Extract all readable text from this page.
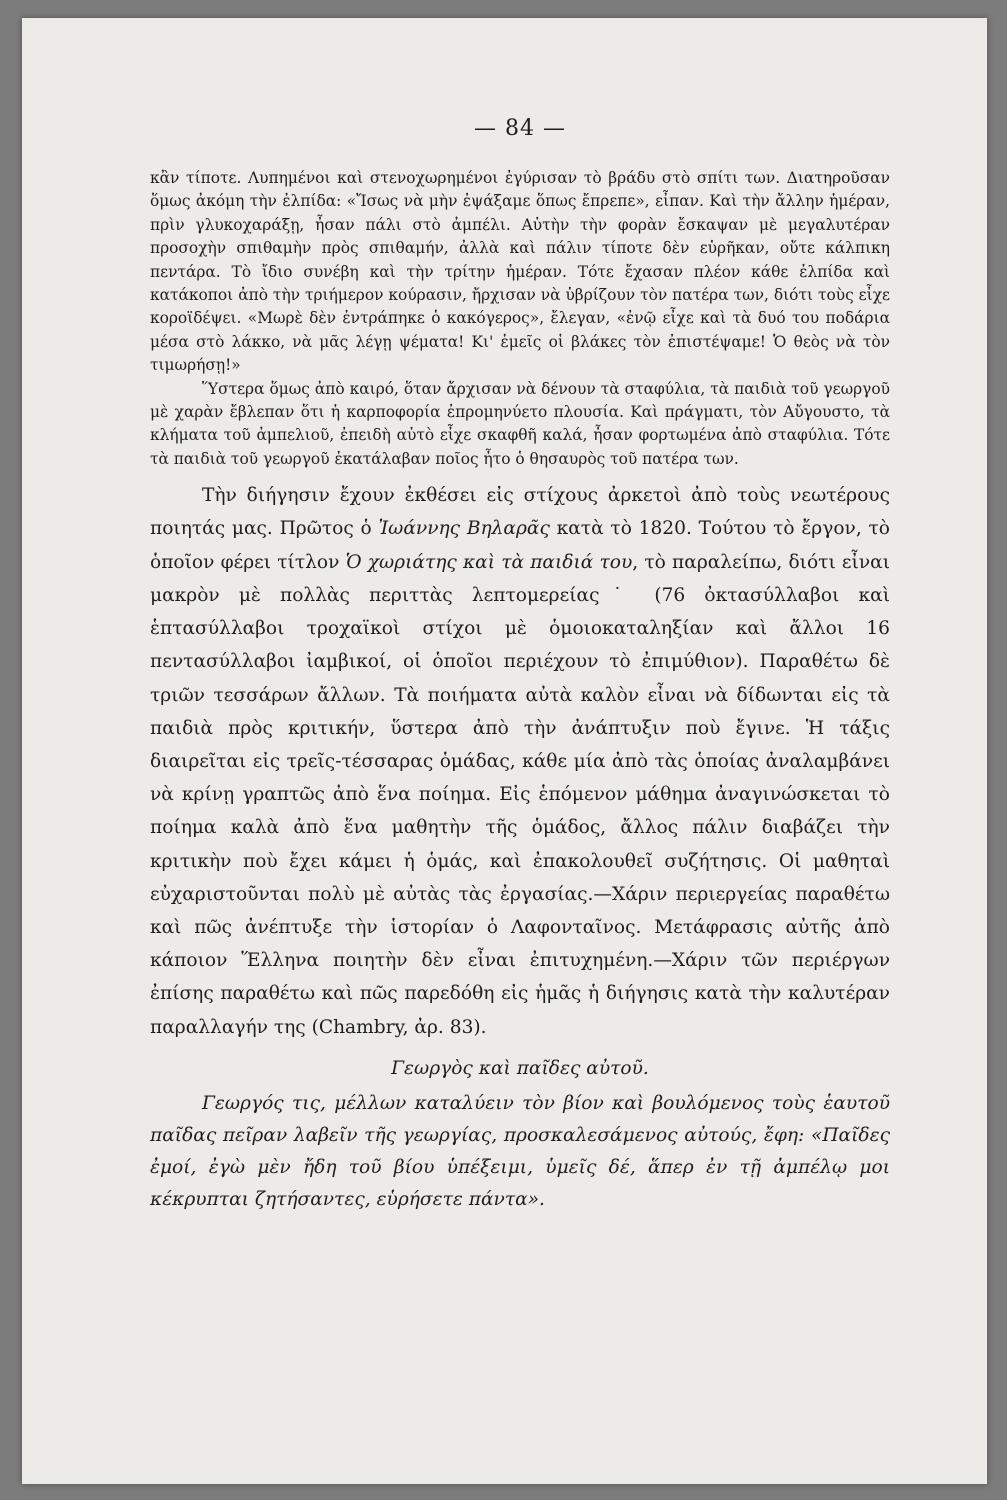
— 84 —

κἂν τίποτε. Λυπημένοι καὶ στενοχωρημένοι ἐγύρισαν τὸ βράδυ στὸ σπίτι των. Διατηροῦσαν ὅμως ἀκόμη τὴν ἐλπίδα: «Ἴσως νὰ μὴν ἐψάξαμε ὅπως ἔπρεπε», εἶπαν. Καὶ τὴν ἄλλην ἡμέραν, πρὶν γλυκοχαράξῃ, ἦσαν πάλι στὸ ἀμπέλι. Αὐτὴν τὴν φορὰν ἔσκαψαν μὲ μεγαλυτέραν προσοχὴν σπιθαμὴν πρὸς σπιθαμήν, ἀλλὰ καὶ πάλιν τίποτε δὲν εὑρῆκαν, οὔτε κάλπικη πεντάρα. Τὸ ἴδιο συνέβη καὶ τὴν τρίτην ἡμέραν. Τότε ἔχασαν πλέον κάθε ἐλπίδα καὶ κατάκοποι ἀπὸ τὴν τριήμερον κούρασιν, ἤρχισαν νὰ ὑβρίζουν τὸν πατέρα των, διότι τοὺς εἶχε κοροϊδέψει. «Μωρὲ δὲν ἐντράπηκε ὁ κακόγερος», ἔλεγαν, «ἐνῷ εἶχε καὶ τὰ δυό του ποδάρια μέσα στὸ λάκκο, νὰ μᾶς λέγῃ ψέματα! Κι' ἐμεῖς οἱ βλάκες τὸν ἐπιστέψαμε! Ὁ θεὸς νὰ τὸν τιμωρήσῃ!»

Ὕστερα ὅμως ἀπὸ καιρό, ὅταν ἄρχισαν νὰ δένουν τὰ σταφύλια, τὰ παιδιὰ τοῦ γεωργοῦ μὲ χαρὰν ἔβλεπαν ὅτι ἡ καρποφορία ἐπρομηνύετο πλουσία. Καὶ πράγματι, τὸν Αὔγουστο, τὰ κλήματα τοῦ ἀμπελιοῦ, ἐπειδὴ αὐτὸ εἶχε σκαφθῆ καλά, ἦσαν φορτωμένα ἀπὸ σταφύλια. Τότε τὰ παιδιὰ τοῦ γεωργοῦ ἐκατάλαβαν ποῖος ἦτο ὁ θησαυρὸς τοῦ πατέρα των.

Τὴν διήγησιν ἔχουν ἐκθέσει εἰς στίχους ἀρκετοὶ ἀπὸ τοὺς νεωτέρους ποιητάς μας. Πρῶτος ὁ Ἰωάννης Βηλαρᾶς κατὰ τὸ 1820. Τούτου τὸ ἔργον, τὸ ὁποῖον φέρει τίτλον Ὁ χωριάτης καὶ τὰ παιδιά του, τὸ παραλείπω, διότι εἶναι μακρὸν μὲ πολλὰς περιττὰς λεπτομερείας˙ (76 ὀκτασύλλαβοι καὶ ἑπτασύλλαβοι τροχαϊκοὶ στίχοι μὲ ὁμοιοκαταληξίαν καὶ ἄλλοι 16 πεντασύλλαβοι ἰαμβικοί, οἱ ὁποῖοι περιέχουν τὸ ἐπιμύθιον). Παραθέτω δὲ τριῶν τεσσάρων ἄλλων. Τὰ ποιήματα αὐτὰ καλὸν εἶναι νὰ δίδωνται εἰς τὰ παιδιὰ πρὸς κριτικήν, ὕστερα ἀπὸ τὴν ἀνάπτυξιν ποὺ ἔγινε. Ἡ τάξις διαιρεῖται εἰς τρεῖς-τέσσαρας ὁμάδας, κάθε μία ἀπὸ τὰς ὁποίας ἀναλαμβάνει νὰ κρίνῃ γραπτῶς ἀπὸ ἕνα ποίημα. Εἰς ἑπόμενον μάθημα ἀναγινώσκεται τὸ ποίημα καλὰ ἀπὸ ἕνα μαθητὴν τῆς ὁμάδος, ἄλλος πάλιν διαβάζει τὴν κριτικὴν ποὺ ἔχει κάμει ἡ ὁμάς, καὶ ἐπακολουθεῖ συζήτησις. Οἱ μαθηταὶ εὐχαριστοῦνται πολὺ μὲ αὐτὰς τὰς ἐργασίας.—Χάριν περιεργείας παραθέτω καὶ πῶς ἀνέπτυξε τὴν ἱστορίαν ὁ Λαφονταῖνος. Μετάφρασις αὐτῆς ἀπὸ κάποιον Ἕλληνα ποιητὴν δὲν εἶναι ἐπιτυχημένη.—Χάριν τῶν περιέργων ἐπίσης παραθέτω καὶ πῶς παρεδόθη εἰς ἡμᾶς ἡ διήγησις κατὰ τὴν καλυτέραν παραλλαγήν της (Chambry, ἀρ. 83).

Γεωργὸς καὶ παῖδες αὐτοῦ.

Γεωργός τις, μέλλων καταλύειν τὸν βίον καὶ βουλόμενος τοὺς ἑαυτοῦ παῖδας πεῖραν λαβεῖν τῆς γεωργίας, προσκαλεσάμενος αὐτούς, ἔφη: «Παῖδες ἐμοί, ἐγὼ μὲν ἤδη τοῦ βίου ὑπέξειμι, ὑμεῖς δέ, ἅπερ ἐν τῇ ἀμπέλῳ μοι κέκρυπται ζητήσαντες, εὑρήσετε πάντα».
